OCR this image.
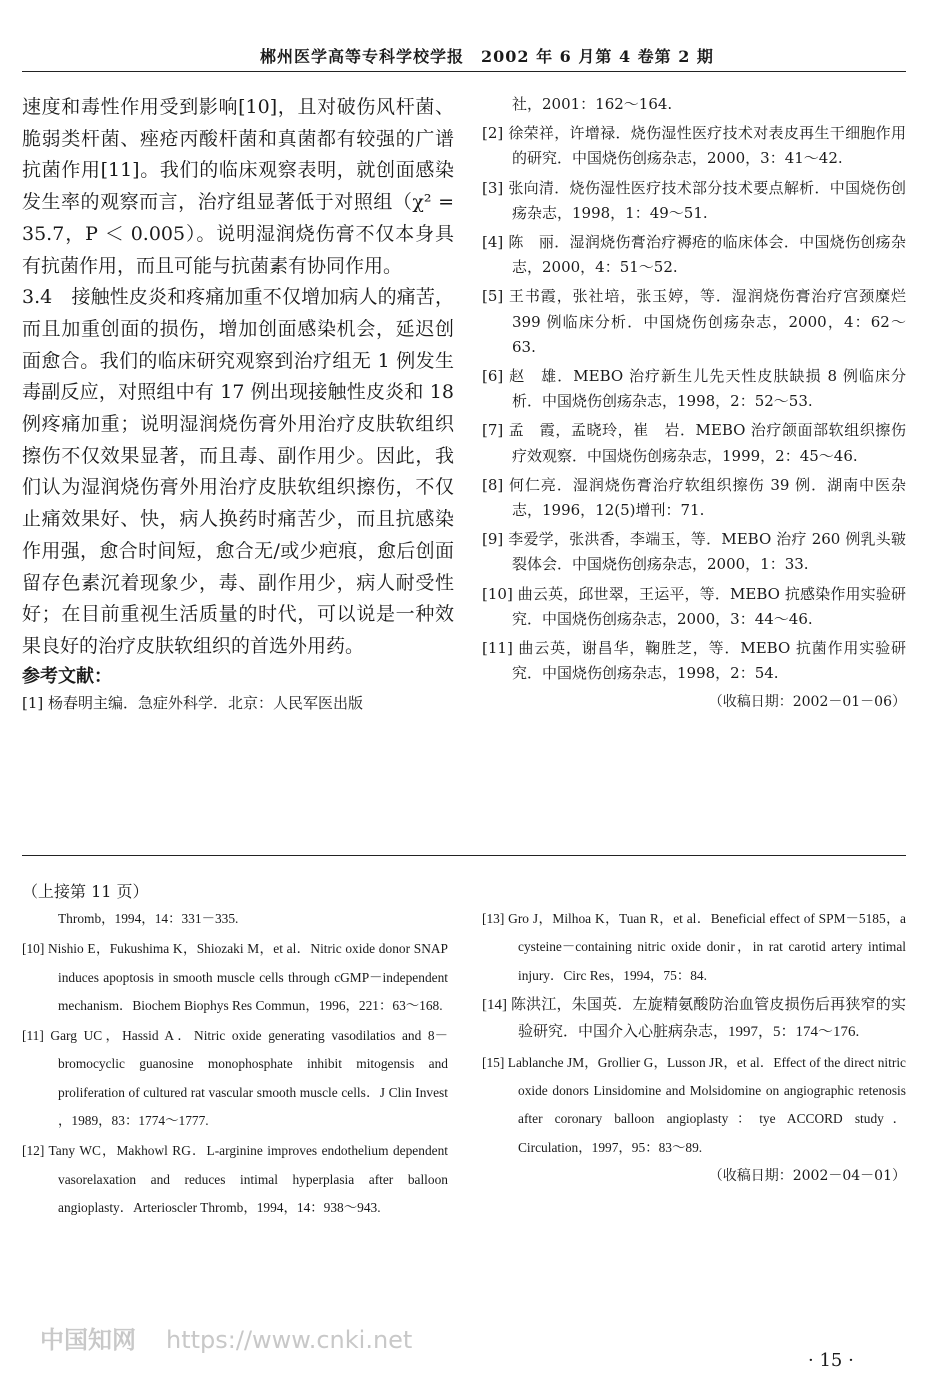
郴州医学高等专科学校学报　2002 年 6 月第 4 卷第 2 期

速度和毒性作用受到影响[10]，且对破伤风杆菌、脆弱类杆菌、痤疮丙酸杆菌和真菌都有较强的广谱抗菌作用[11]。我们的临床观察表明，就创面感染发生率的观察而言，治疗组显著低于对照组（χ² = 35.7，P ＜ 0.005）。说明湿润烧伤膏不仅本身具有抗菌作用，而且可能与抗菌素有协同作用。

3.4　接触性皮炎和疼痛加重不仅增加病人的痛苦，而且加重创面的损伤，增加创面感染机会，延迟创面愈合。我们的临床研究观察到治疗组无 1 例发生毒副反应，对照组中有 17 例出现接触性皮炎和 18 例疼痛加重；说明湿润烧伤膏外用治疗皮肤软组织擦伤不仅效果显著，而且毒、副作用少。因此，我们认为湿润烧伤膏外用治疗皮肤软组织擦伤，不仅止痛效果好、快，病人换药时痛苦少，而且抗感染作用强，愈合时间短，愈合无/或少疤痕，愈后创面留存色素沉着现象少，毒、副作用少，病人耐受性好；在目前重视生活质量的时代，可以说是一种效果良好的治疗皮肤软组织的首选外用药。

参考文献：

[1] 杨春明主编．急症外科学．北京：人民军医出版

社，2001：162～164.

[2] 徐荣祥，许增禄．烧伤湿性医疗技术对表皮再生干细胞作用的研究．中国烧伤创疡杂志，2000，3：41～42.

[3] 张向清．烧伤湿性医疗技术部分技术要点解析．中国烧伤创疡杂志，1998，1：49～51.

[4] 陈　丽．湿润烧伤膏治疗褥疮的临床体会．中国烧伤创疡杂志，2000，4：51～52.

[5] 王书霞，张社培，张玉婷，等．湿润烧伤膏治疗宫颈糜烂 399 例临床分析．中国烧伤创疡杂志，2000，4：62～63.

[6] 赵　雄．MEBO 治疗新生儿先天性皮肤缺损 8 例临床分析．中国烧伤创疡杂志，1998，2：52～53.

[7] 孟　霞，孟晓玲，崔　岩．MEBO 治疗颌面部软组织擦伤疗效观察．中国烧伤创疡杂志，1999，2：45～46.

[8] 何仁亮．湿润烧伤膏治疗软组织擦伤 39 例．湖南中医杂志，1996，12(5)增刊：71.

[9] 李爱学，张洪香，李端玉，等．MEBO 治疗 260 例乳头皲裂体会．中国烧伤创疡杂志，2000，1：33.

[10] 曲云英，邱世翠，王运平，等．MEBO 抗感染作用实验研究．中国烧伤创疡杂志，2000，3：44～46.

[11] 曲云英，谢昌华，鞠胜芝，等．MEBO 抗菌作用实验研究．中国烧伤创疡杂志，1998，2：54.

（收稿日期：2002－01－06）

（上接第 11 页）

Thromb，1994，14：331－335.

[10] Nishio E，Fukushima K，Shiozaki M，et al．Nitric oxide donor SNAP induces apoptosis in smooth muscle cells through cGMP－independent mechanism．Biochem Biophys Res Commun，1996，221：63～168.

[11] Garg UC，Hassid A．Nitric oxide generating vasodilatios and 8－bromocyclic guanosine monophosphate inhibit mitogensis and proliferation of cultured rat vascular smooth muscle cells．J Clin Invest ，1989，83：1774～1777.

[12] Tany WC，Makhowl RG．L-arginine improves endothelium dependent vasorelaxation and reduces intimal hyperplasia after balloon angioplasty．Arterioscler Thromb，1994，14：938～943.

[13] Gro J，Milhoa K，Tuan R，et al．Beneficial effect of SPM－5185，a cysteine－containing nitric oxide donir，in rat carotid artery intimal injury．Circ Res，1994，75：84.

[14] 陈洪江，朱国英．左旋精氨酸防治血管皮损伤后再狭窄的实验研究．中国介入心脏病杂志，1997，5：174～176.

[15] Lablanche JM，Grollier G，Lusson JR，et al．Effect of the direct nitric oxide donors Linsidomine and Molsidomine on angiographic retenosis after coronary balloon angioplasty：tye ACCORD study．Circulation，1997，95：83～89.

（收稿日期：2002－04－01）

中国知网 https://www.cnki.net
· 15 ·
